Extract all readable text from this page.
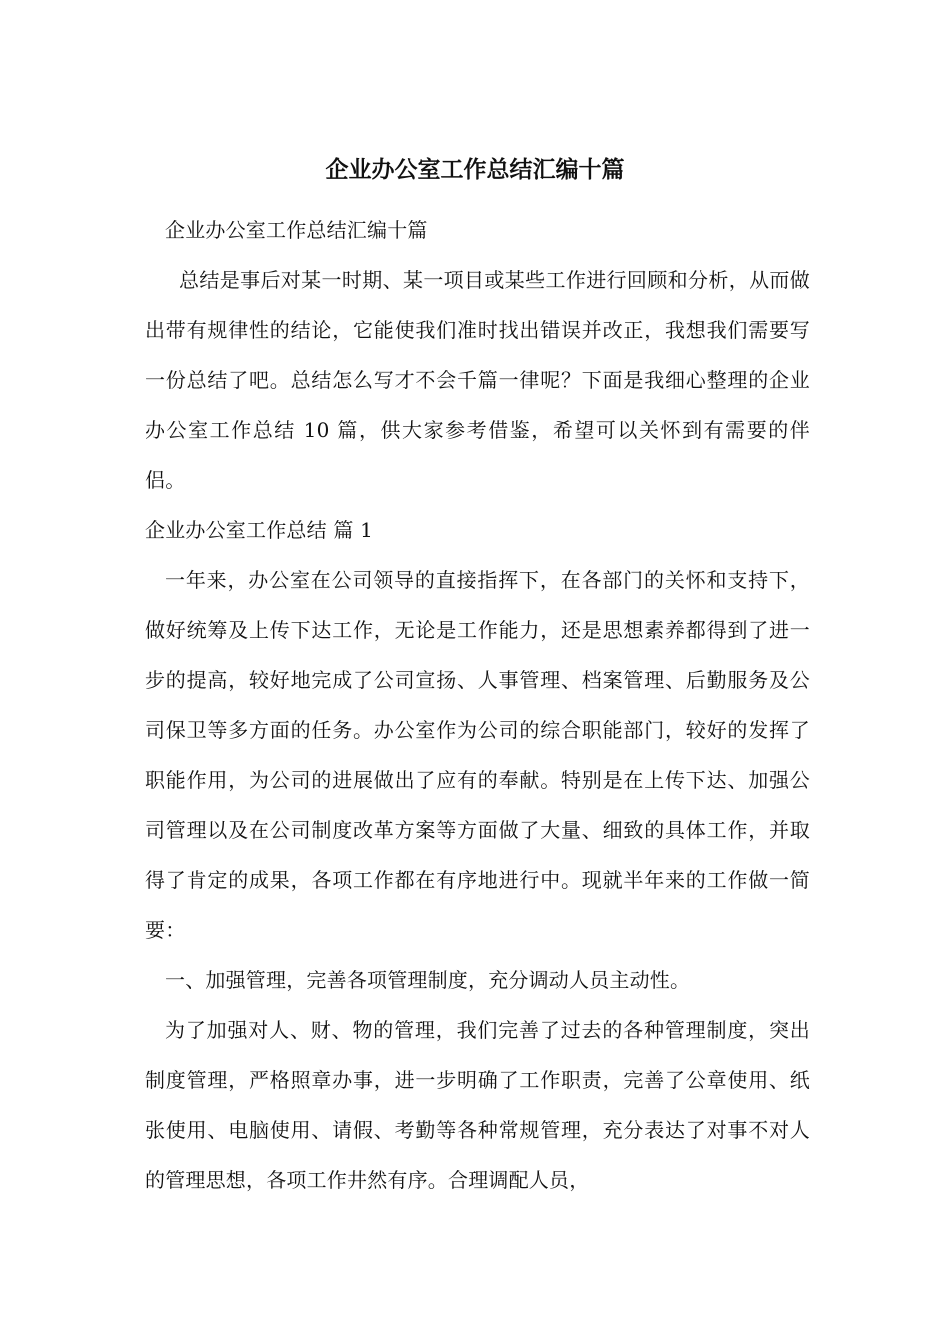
企业办公室工作总结汇编十篇

企业办公室工作总结汇编十篇

总结是事后对某一时期、某一项目或某些工作进行回顾和分析，从而做出带有规律性的结论，它能使我们准时找出错误并改正，我想我们需要写一份总结了吧。总结怎么写才不会千篇一律呢？下面是我细心整理的企业办公室工作总结 10 篇，供大家参考借鉴，希望可以关怀到有需要的伴侣。

企业办公室工作总结 篇 1

一年来，办公室在公司领导的直接指挥下，在各部门的关怀和支持下，做好统筹及上传下达工作，无论是工作能力，还是思想素养都得到了进一步的提高，较好地完成了公司宣扬、人事管理、档案管理、后勤服务及公司保卫等多方面的任务。办公室作为公司的综合职能部门，较好的发挥了职能作用，为公司的进展做出了应有的奉献。特别是在上传下达、加强公司管理以及在公司制度改革方案等方面做了大量、细致的具体工作，并取得了肯定的成果，各项工作都在有序地进行中。现就半年来的工作做一简要：

一、加强管理，完善各项管理制度，充分调动人员主动性。

为了加强对人、财、物的管理，我们完善了过去的各种管理制度，突出制度管理，严格照章办事，进一步明确了工作职责，完善了公章使用、纸张使用、电脑使用、请假、考勤等各种常规管理，充分表达了对事不对人的管理思想，各项工作井然有序。合理调配人员，
